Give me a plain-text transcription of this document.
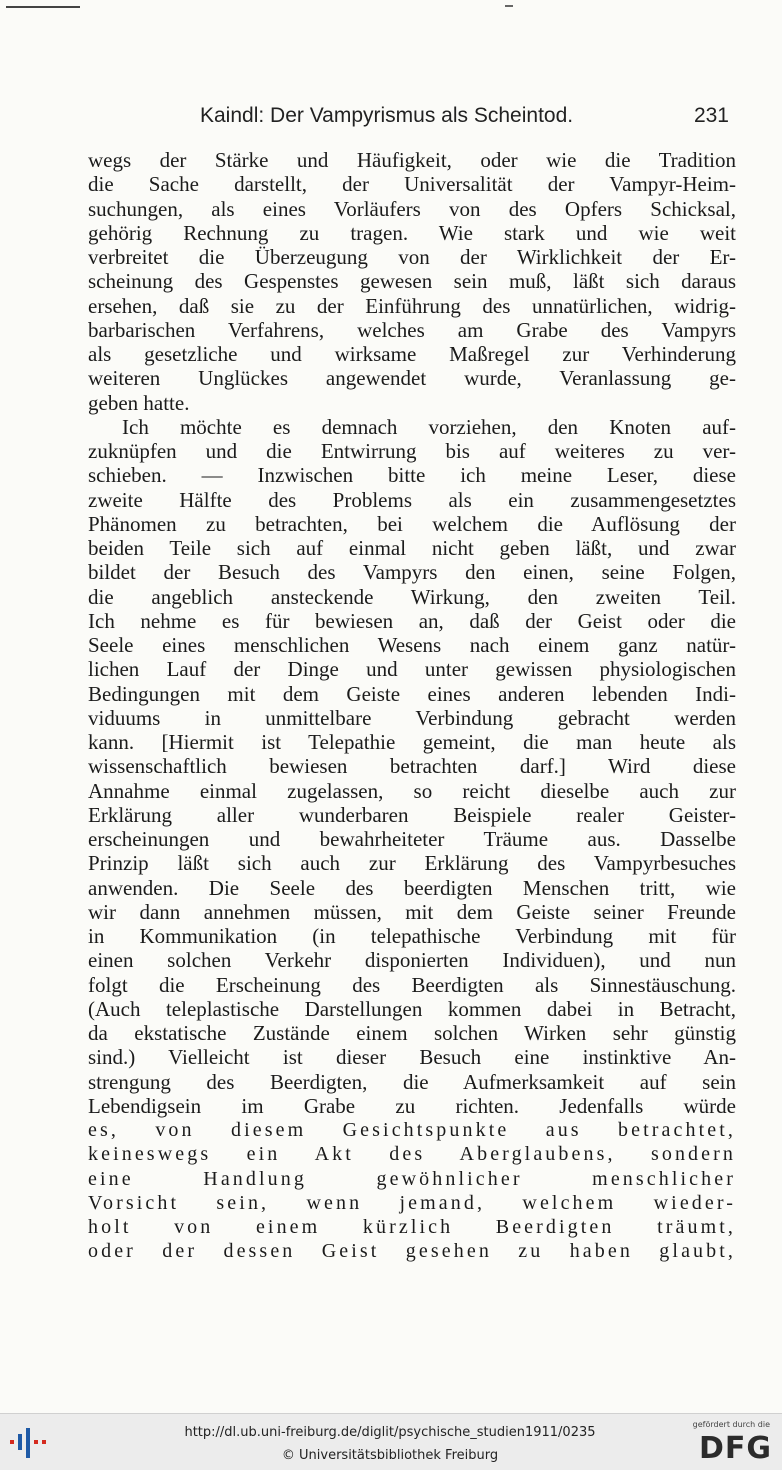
Kaindl: Der Vampyrismus als Scheintod.	231
wegs der Stärke und Häufigkeit, oder wie die Tradition
die Sache darstellt, der Universalität der Vampyr-Heim-
suchungen, als eines Vorläufers von des Opfers Schicksal,
gehörig Rechnung zu tragen. Wie stark und wie weit
verbreitet die Überzeugung von der Wirklichkeit der Er-
scheinung des Gespenstes gewesen sein muß, läßt sich daraus
ersehen, daß sie zu der Einführung des unnatürlichen, widrig-
barbarischen Verfahrens, welches am Grabe des Vampyrs
als gesetzliche und wirksame Maßregel zur Verhinderung
weiteren Unglückes angewendet wurde, Veranlassung ge-
geben hatte.
Ich möchte es demnach vorziehen, den Knoten auf-
zuknüpfen und die Entwirrung bis auf weiteres zu ver-
schieben. — Inzwischen bitte ich meine Leser, diese
zweite Hälfte des Problems als ein zusammengesetztes
Phänomen zu betrachten, bei welchem die Auflösung der
beiden Teile sich auf einmal nicht geben läßt, und zwar
bildet der Besuch des Vampyrs den einen, seine Folgen,
die angeblich ansteckende Wirkung, den zweiten Teil.
Ich nehme es für bewiesen an, daß der Geist oder die
Seele eines menschlichen Wesens nach einem ganz natür-
lichen Lauf der Dinge und unter gewissen physiologischen
Bedingungen mit dem Geiste eines anderen lebenden Indi-
viduums in unmittelbare Verbindung gebracht werden
kann. [Hiermit ist Telepathie gemeint, die man heute als
wissenschaftlich bewiesen betrachten darf.] Wird diese
Annahme einmal zugelassen, so reicht dieselbe auch zur
Erklärung aller wunderbaren Beispiele realer Geister-
erscheinungen und bewahrheiteter Träume aus. Dasselbe
Prinzip läßt sich auch zur Erklärung des Vampyrbesuches
anwenden. Die Seele des beerdigten Menschen tritt, wie
wir dann annehmen müssen, mit dem Geiste seiner Freunde
in Kommunikation (in telepathische Verbindung mit für
einen solchen Verkehr disponierten Individuen), und nun
folgt die Erscheinung des Beerdigten als Sinnestäuschung.
(Auch teleplastische Darstellungen kommen dabei in Betracht,
da ekstatische Zustände einem solchen Wirken sehr günstig
sind.) Vielleicht ist dieser Besuch eine instinktive An-
strengung des Beerdigten, die Aufmerksamkeit auf sein
Lebendigsein im Grabe zu richten. Jedenfalls würde
es, von diesem Gesichtspunkte aus betrachtet,
keineswegs ein Akt des Aberglaubens, sondern
eine Handlung gewöhnlicher menschlicher
Vorsicht sein, wenn jemand, welchem wieder-
holt von einem kürzlich Beerdigten träumt,
oder der dessen Geist gesehen zu haben glaubt,
http://dl.ub.uni-freiburg.de/diglit/psychische_studien1911/0235
© Universitätsbibliothek Freiburg
gefördert durch die
DFG
